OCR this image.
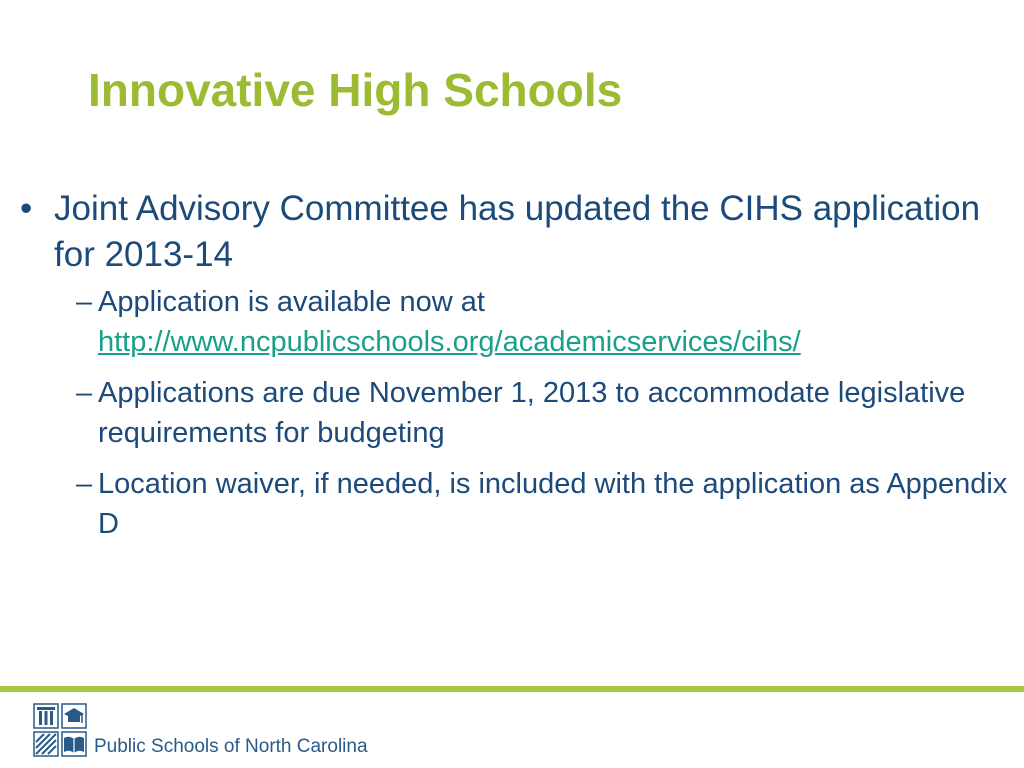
Innovative High Schools
• Joint Advisory Committee has updated the CIHS application for 2013-14
– Application is available now at
http://www.ncpublicschools.org/academicservices/cihs/
– Applications are due November 1, 2013 to accommodate legislative requirements for budgeting
– Location waiver, if needed, is included with the application as Appendix D
Public Schools of North Carolina
